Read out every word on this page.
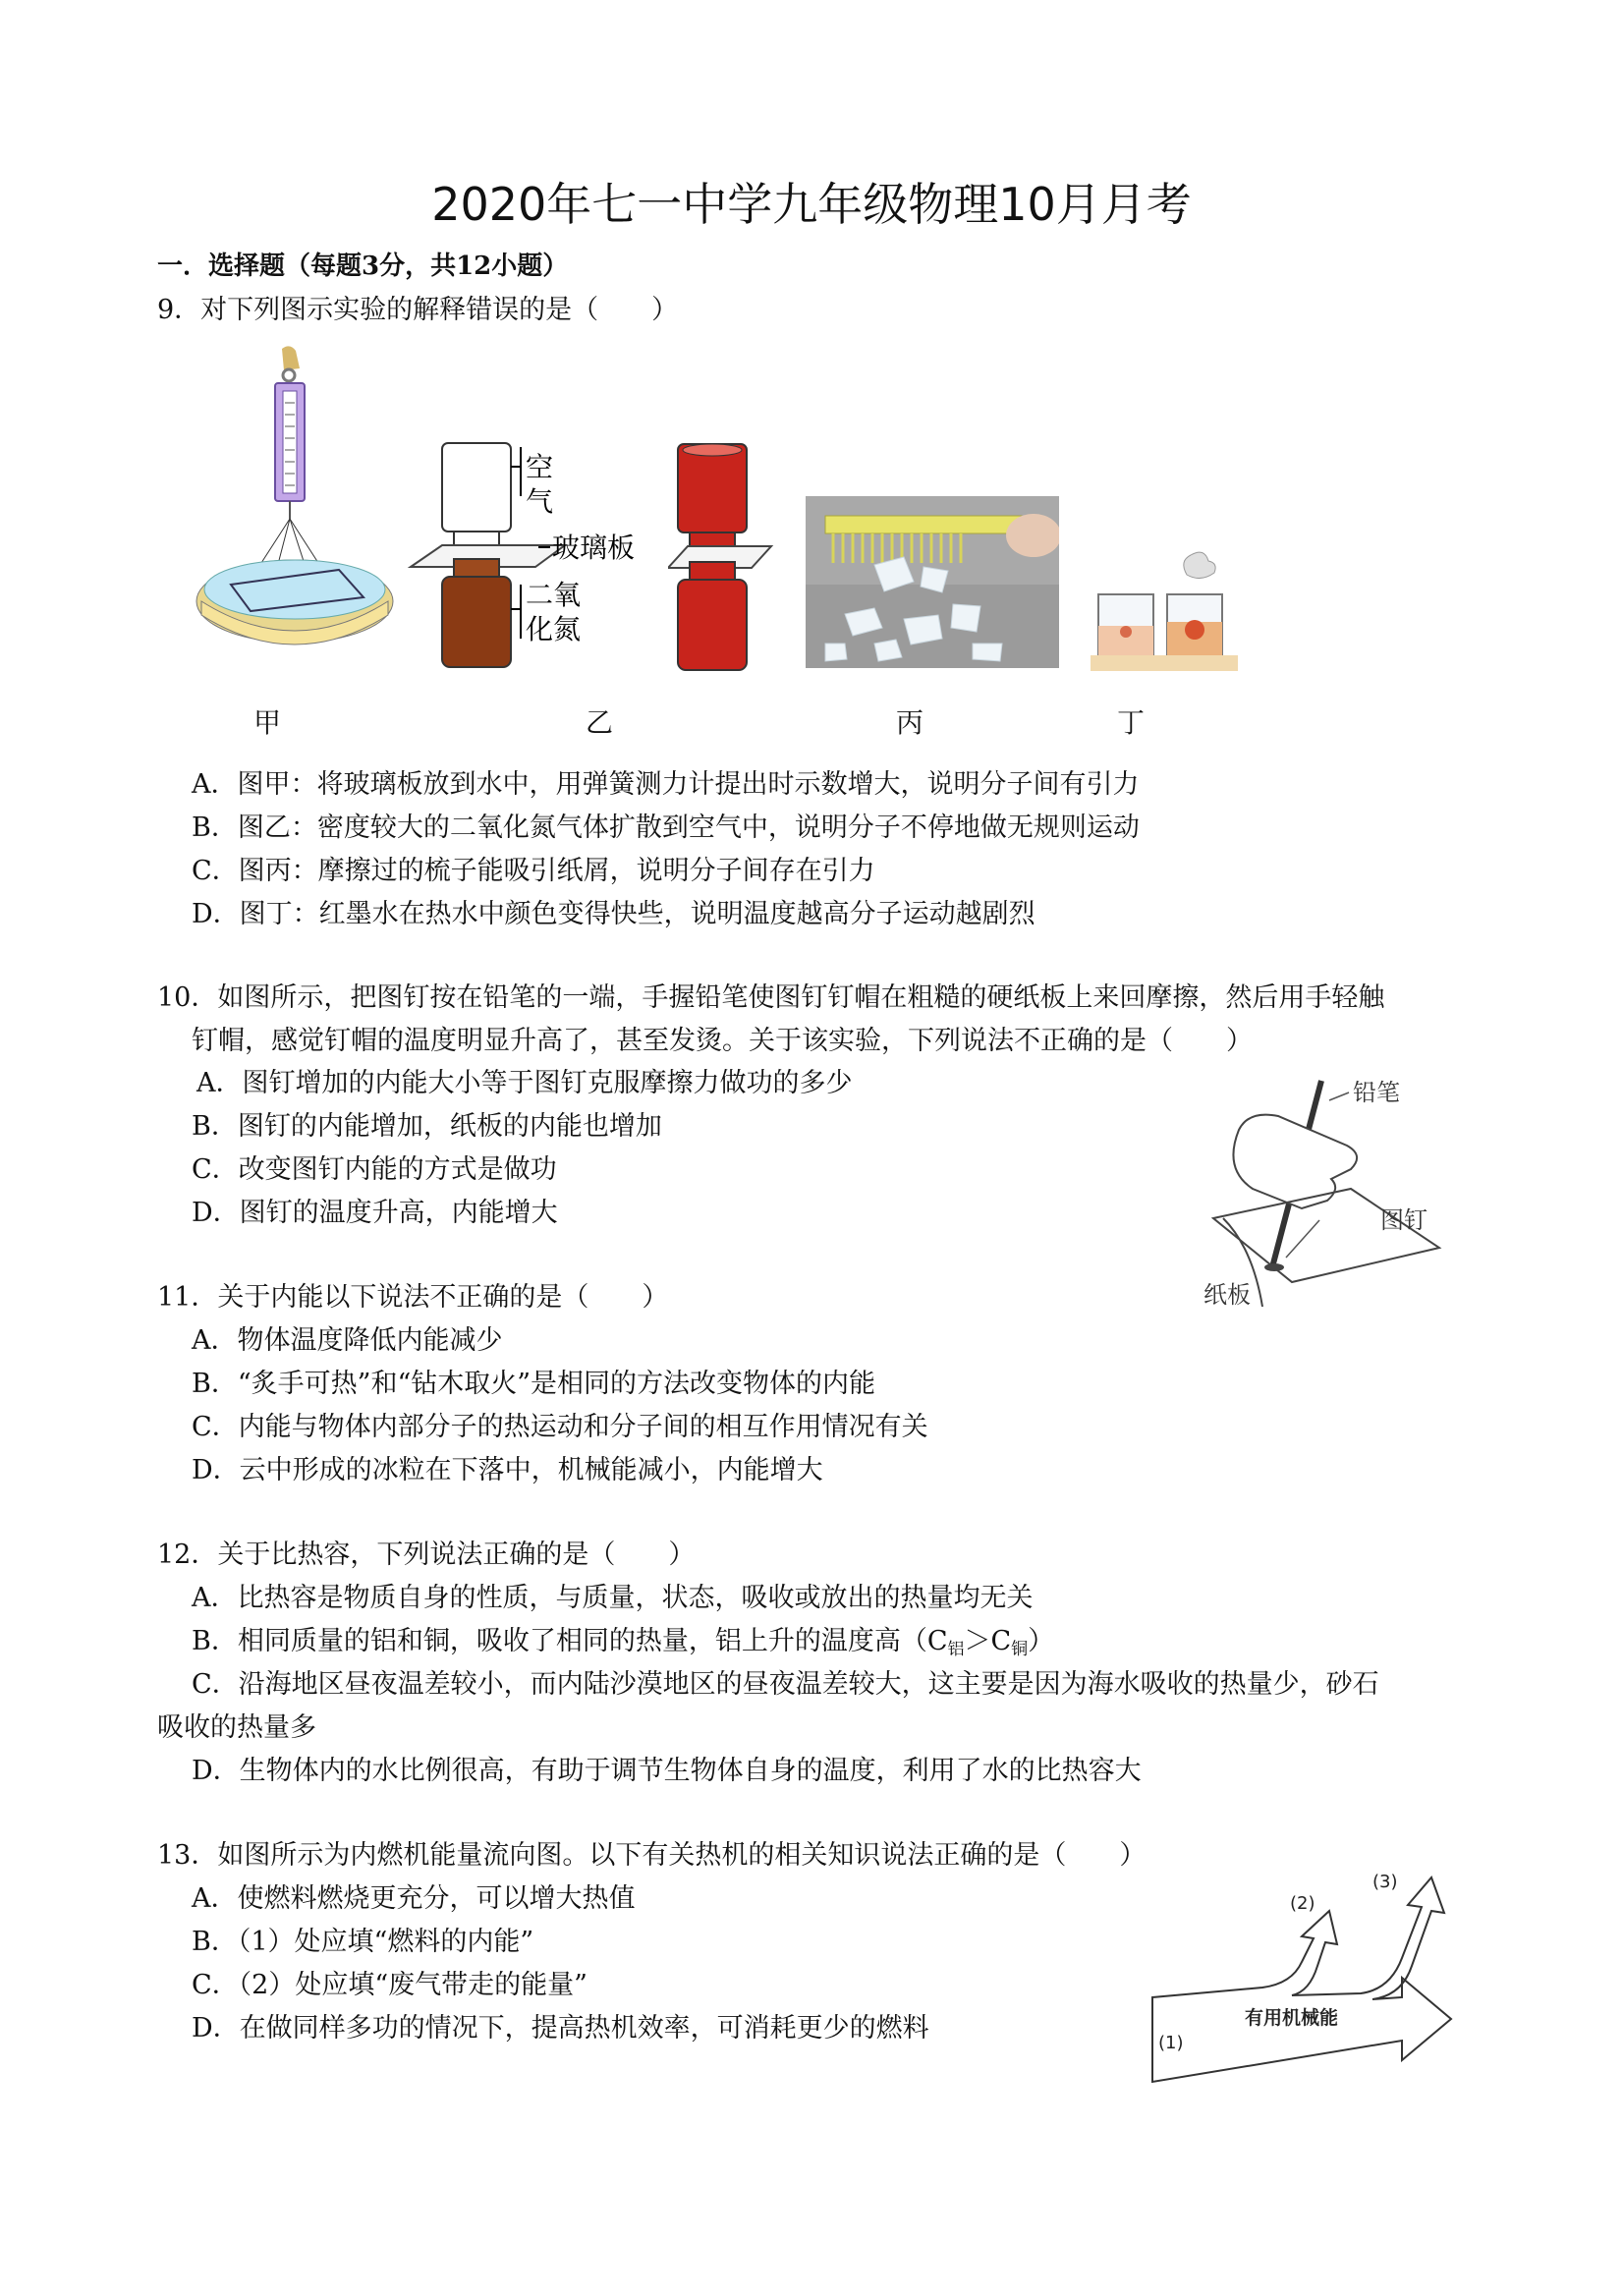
2020年七一中学九年级物理10月月考
一．选择题（每题3分，共12小题）
9．对下列图示实验的解释错误的是（　　）
空
气
玻璃板
二氧
化氮
甲	乙	丙	丁
A．图甲：将玻璃板放到水中，用弹簧测力计提出时示数增大，说明分子间有引力
B．图乙：密度较大的二氧化氮气体扩散到空气中，说明分子不停地做无规则运动
C．图丙：摩擦过的梳子能吸引纸屑，说明分子间存在引力
D．图丁：红墨水在热水中颜色变得快些，说明温度越高分子运动越剧烈
10．如图所示，把图钉按在铅笔的一端，手握铅笔使图钉钉帽在粗糙的硬纸板上来回摩擦，然后用手轻触
钉帽，感觉钉帽的温度明显升高了，甚至发烫。关于该实验，下列说法不正确的是（　　）
A．图钉增加的内能大小等于图钉克服摩擦力做功的多少
B．图钉的内能增加，纸板的内能也增加
C．改变图钉内能的方式是做功
D．图钉的温度升高，内能增大
铅笔
图钉
纸板
11．关于内能以下说法不正确的是（　　）
A．物体温度降低内能减少
B．“炙手可热”和“钻木取火”是相同的方法改变物体的内能
C．内能与物体内部分子的热运动和分子间的相互作用情况有关
D．云中形成的冰粒在下落中，机械能减小，内能增大
12．关于比热容，下列说法正确的是（　　）
A．比热容是物质自身的性质，与质量，状态，吸收或放出的热量均无关
B．相同质量的铝和铜，吸收了相同的热量，铝上升的温度高$(C_铝>C_铜)$
C．沿海地区昼夜温差较小，而内陆沙漠地区的昼夜温差较大，这主要是因为海水吸收的热量少，砂石
吸收的热量多
D．生物体内的水比例很高，有助于调节生物体自身的温度，利用了水的比热容大
13．如图所示为内燃机能量流向图。以下有关热机的相关知识说法正确的是（　　）
A．使燃料燃烧更充分，可以增大热值
B．（1）处应填“燃料的内能”
C．（2）处应填“废气带走的能量”
D．在做同样多功的情况下，提高热机效率，可消耗更少的燃料	有用机械能
(1)
(2)
(3)
